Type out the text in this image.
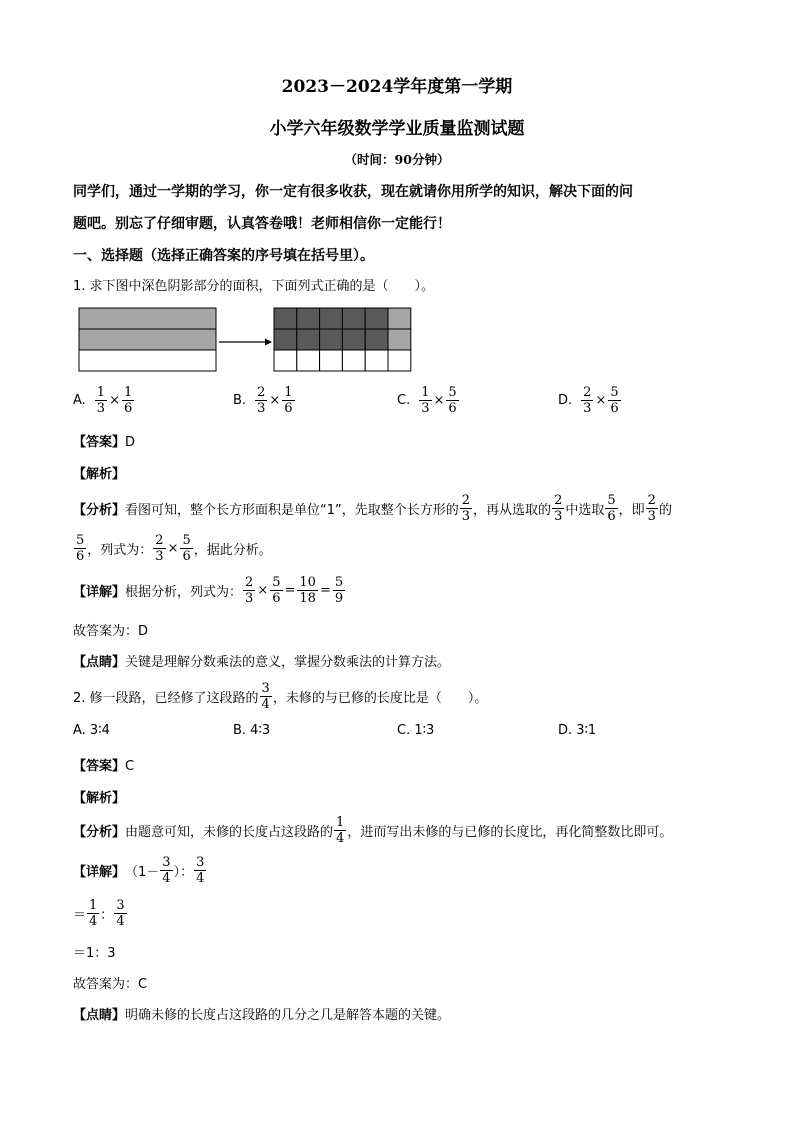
2023－2024学年度第一学期
小学六年级数学学业质量监测试题
（时间：90分钟）
同学们，通过一学期的学习，你一定有很多收获，现在就请你用所学的知识，解决下面的问
题吧。别忘了仔细审题，认真答卷哦！老师相信你一定能行！
一、选择题（选择正确答案的序号填在括号里）。
1. 求下图中深色阴影部分的面积，下面列式正确的是（　　）。
A. $\frac{1}{3} \times \frac{1}{6}$	B. $\frac{2}{3} \times \frac{1}{6}$	C. $\frac{1}{3} \times \frac{5}{6}$	D. $\frac{2}{3} \times \frac{5}{6}$
【答案】D
【解析】
【分析】 看图可知，整个长方形面积是单位“1”，先取整个长方形的 $\frac{2}{3}$ ，再从选取的 $\frac{2}{3}$ 中选取 $\frac{5}{6}$ ，即 $\frac{2}{3}$ 的
$\frac{5}{6}$ ，列式为： $\frac{2}{3} \times \frac{5}{6}$ ，据此分析。
【详解】 根据分析，列式为： $\frac{2}{3} \times \frac{5}{6} = \frac{10}{18} = \frac{5}{9}$
故答案为：D
【点睛】关键是理解分数乘法的意义，掌握分数乘法的计算方法。
2. 修一段路，已经修了这段路的 $\frac{3}{4}$ ，未修的与已修的长度比是（　　）。
A. 3∶4	B. 4∶3	C. 1∶3	D. 3∶1
【答案】C
【解析】
【分析】 由题意可知，未修的长度占这段路的 $\frac{1}{4}$ ，进而写出未修的与已修的长度比，再化简整数比即可。
【详解】 （$1- \frac{3}{4}$ ）： $\frac{3}{4}$
＝ $\frac{1}{4}$ ： $\frac{3}{4}$
＝1：3
故答案为：C
【点睛】明确未修的长度占这段路的几分之几是解答本题的关键。
